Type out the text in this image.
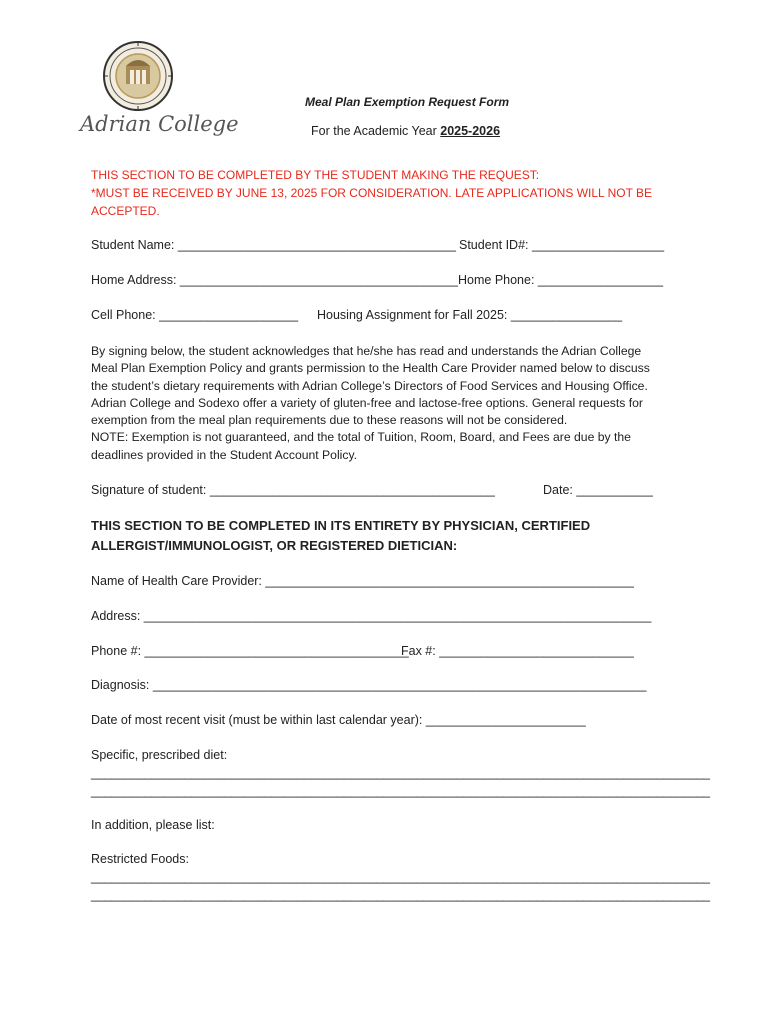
Adrian College
Meal Plan Exemption Request Form
For the Academic Year 2025-2026
THIS SECTION TO BE COMPLETED BY THE STUDENT MAKING THE REQUEST:
*MUST BE RECEIVED BY JUNE 13, 2025 FOR CONSIDERATION. LATE APPLICATIONS WILL NOT BE
ACCEPTED.
Student Name: ________________________________________ Student ID#: ___________________
Home Address: ________________________________________ Home Phone: __________________
Cell Phone: ____________________ Housing Assignment for Fall 2025: ________________
By signing below, the student acknowledges that he/she has read and understands the Adrian College
Meal Plan Exemption Policy and grants permission to the Health Care Provider named below to discuss
the student’s dietary requirements with Adrian College’s Directors of Food Services and Housing Office.
Adrian College and Sodexo offer a variety of gluten-free and lactose-free options. General requests for
exemption from the meal plan requirements due to these reasons will not be considered.
NOTE: Exemption is not guaranteed, and the total of Tuition, Room, Board, and Fees are due by the
deadlines provided in the Student Account Policy.
Signature of student: _________________________________________	Date: ___________
THIS SECTION TO BE COMPLETED IN ITS ENTIRETY BY PHYSICIAN, CERTIFIED
ALLERGIST/IMMUNOLOGIST, OR REGISTERED DIETICIAN:
Name of Health Care Provider: _____________________________________________________
Address: _________________________________________________________________________
Phone #: ______________________________________
Fax #: ____________________________
Diagnosis: _______________________________________________________________________
Date of most recent visit (must be within last calendar year): _______________________
Specific, prescribed diet:
_____________________________________________________________________________________________
_____________________________________________________________________________________________
In addition, please list:
Restricted Foods:
_____________________________________________________________________________________________
_____________________________________________________________________________________________
